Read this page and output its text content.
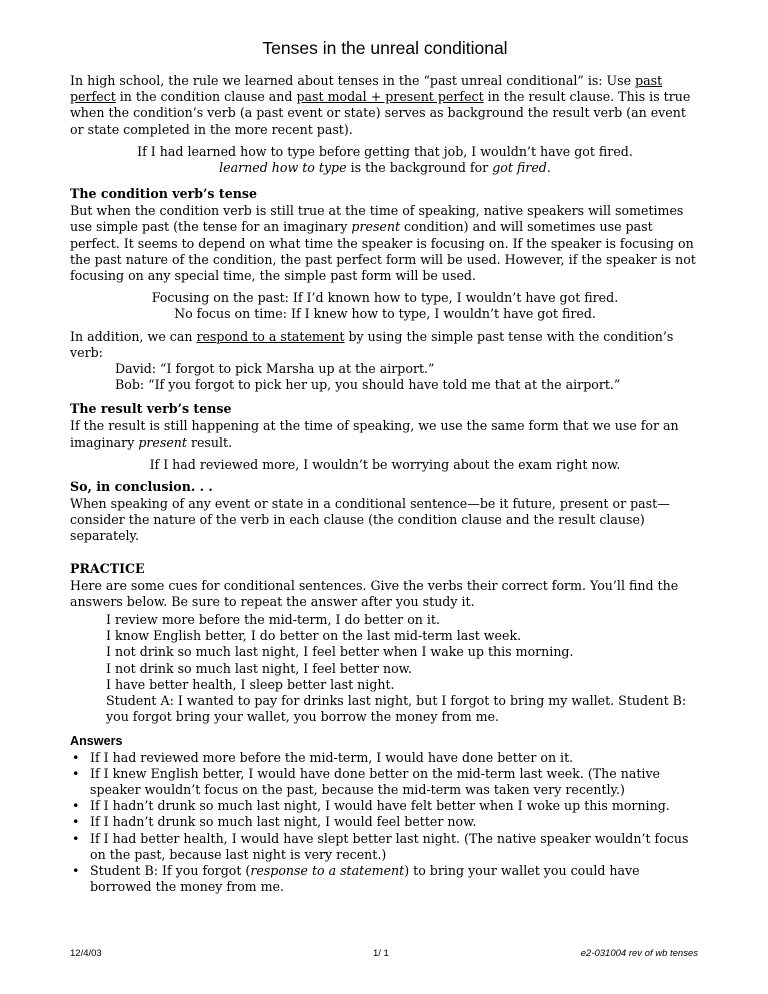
Tenses in the unreal conditional

In high school, the rule we learned about tenses in the “past unreal conditional” is: Use past perfect in the condition clause and past modal + present perfect in the result clause. This is true when the condition’s verb (a past event or state) serves as background the result verb (an event or state completed in the more recent past).

If I had learned how to type before getting that job, I wouldn’t have got fired.

learned how to type is the background for got fired.

The condition verb’s tense

But when the condition verb is still true at the time of speaking, native speakers will sometimes use simple past (the tense for an imaginary present condition) and will sometimes use past perfect. It seems to depend on what time the speaker is focusing on. If the speaker is focusing on the past nature of the condition, the past perfect form will be used. However, if the speaker is not focusing on any special time, the simple past form will be used.

Focusing on the past: If I’d known how to type, I wouldn’t have got fired.

No focus on time: If I knew how to type, I wouldn’t have got fired.

In addition, we can respond to a statement by using the simple past tense with the condition’s verb:

David: “I forgot to pick Marsha up at the airport.”

Bob: “If you forgot to pick her up, you should have told me that at the airport.”

The result verb’s tense

If the result is still happening at the time of speaking, we use the same form that we use for an imaginary present result.

If I had reviewed more, I wouldn’t be worrying about the exam right now.

So, in conclusion. . .

When speaking of any event or state in a conditional sentence—be it future, present or past—consider the nature of the verb in each clause (the condition clause and the result clause) separately.

PRACTICE

Here are some cues for conditional sentences. Give the verbs their correct form. You’ll find the answers below. Be sure to repeat the answer after you study it.

I review more before the mid-term, I do better on it.

I know English better, I do better on the last mid-term last week.

I not drink so much last night, I feel better when I wake up this morning.

I not drink so much last night, I feel better now.

I have better health, I sleep better last night.

Student A: I wanted to pay for drinks last night, but I forgot to bring my wallet. Student B: you forgot bring your wallet, you borrow the money from me.

Answers
• If I had reviewed more before the mid-term, I would have done better on it.
• If I knew English better, I would have done better on the mid-term last week. (The native speaker wouldn’t focus on the past, because the mid-term was taken very recently.)
• If I hadn’t drunk so much last night, I would have felt better when I woke up this morning.
• If I hadn’t drunk so much last night, I would feel better now.
• If I had better health, I would have slept better last night. (The native speaker wouldn’t focus on the past, because last night is very recent.)
• Student B: If you forgot (response to a statement) to bring your wallet you could have borrowed the money from me.
12/4/03	1/ 1	e2-031004 rev of wb tenses
